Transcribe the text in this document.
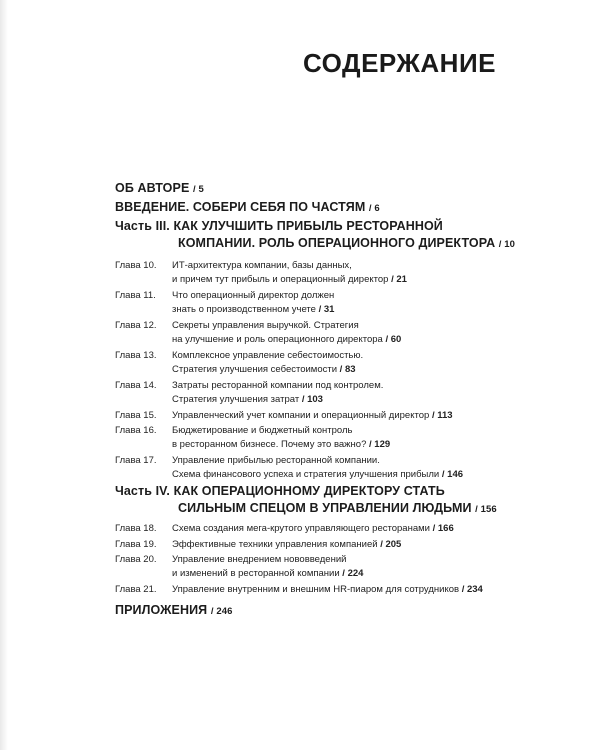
СОДЕРЖАНИЕ
ОБ АВТОРЕ / 5
ВВЕДЕНИЕ. СОБЕРИ СЕБЯ ПО ЧАСТЯМ / 6
Часть III. КАК УЛУЧШИТЬ ПРИБЫЛЬ РЕСТОРАННОЙ
КОМПАНИИ. РОЛЬ ОПЕРАЦИОННОГО ДИРЕКТОРА / 10
Глава 10. ИТ-архитектура компании, базы данных,
и причем тут прибыль и операционный директор / 21
Глава 11. Что операционный директор должен
знать о производственном учете / 31
Глава 12. Секреты управления выручкой. Стратегия
на улучшение и роль операционного директора / 60
Глава 13. Комплексное управление себестоимостью.
Стратегия улучшения себестоимости / 83
Глава 14. Затраты ресторанной компании под контролем.
Стратегия улучшения затрат / 103
Глава 15. Управленческий учет компании и операционный директор / 113
Глава 16. Бюджетирование и бюджетный контроль
в ресторанном бизнесе. Почему это важно? / 129
Глава 17. Управление прибылью ресторанной компании.
Схема финансового успеха и стратегия улучшения прибыли / 146
Часть IV. КАК ОПЕРАЦИОННОМУ ДИРЕКТОРУ СТАТЬ
СИЛЬНЫМ СПЕЦОМ В УПРАВЛЕНИИ ЛЮДЬМИ / 156
Глава 18. Схема создания мега-крутого управляющего ресторанами / 166
Глава 19. Эффективные техники управления компанией / 205
Глава 20. Управление внедрением нововведений
и изменений в ресторанной компании / 224
Глава 21. Управление внутренним и внешним HR-пиаром для сотрудников / 234
ПРИЛОЖЕНИЯ / 246
